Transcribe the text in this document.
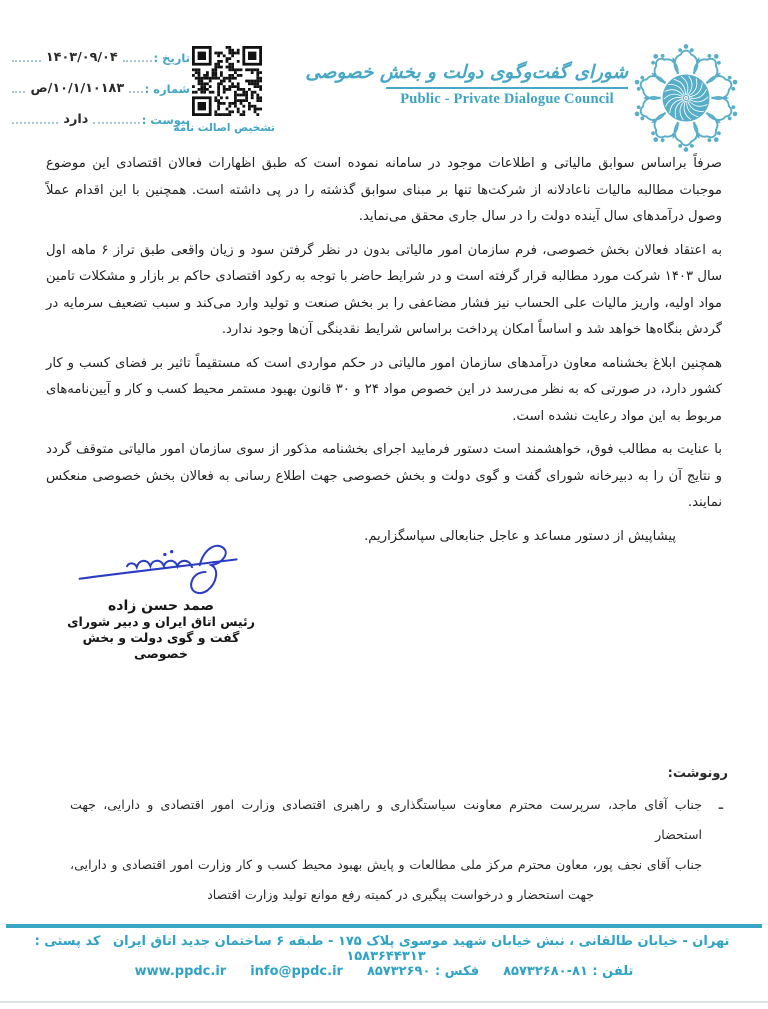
تاریخ :
۱۴۰۳/۰۹/۰۴
شماره :
۱۰/۱/۱۰۱۸۳/ص
پیوست :
دارد
تشخیص اصالت نامه
شورای گفت‌وگوی دولت و بخش خصوصی
Public - Private Dialogue Council

صرفاً براساس سوابق مالیاتی و اطلاعات موجود در سامانه نموده است که طبق اظهارات فعالان اقتصادی این موضوع موجبات مطالبه مالیات ناعادلانه از شرکت‌ها تنها بر مبنای سوابق گذشته را در پی داشته است. همچنین با این اقدام عملاً وصول درآمدهای سال آینده دولت را در سال جاری محقق می‌نماید.

به اعتقاد فعالان بخش خصوصی، فرم سازمان امور مالیاتی بدون در نظر گرفتن سود و زیان واقعی طبق تراز ۶ ماهه اول سال ۱۴۰۳ شرکت مورد مطالبه قرار گرفته است و در شرایط حاضر با توجه به رکود اقتصادی حاکم بر بازار و مشکلات تامین مواد اولیه، واریز مالیات علی الحساب نیز فشار مضاعفی را بر بخش صنعت و تولید وارد می‌کند و سبب تضعیف سرمایه در گردش بنگاه‌ها خواهد شد و اساساً امکان پرداخت براساس شرایط نقدینگی آن‌ها وجود ندارد.

همچنین ابلاغ بخشنامه معاون درآمدهای سازمان امور مالیاتی در حکم مواردی است که مستقیماً تاثیر بر فضای کسب و کار کشور دارد، در صورتی که به نظر می‌رسد در این خصوص مواد ۲۴ و ۳۰ قانون بهبود مستمر محیط کسب و کار و آیین‌نامه‌های مربوط به این مواد رعایت نشده است.

با عنایت به مطالب فوق، خواهشمند است دستور فرمایید اجرای بخشنامه مذکور از سوی سازمان امور مالیاتی متوقف گردد و نتایج آن را به دبیرخانه شورای گفت و گوی دولت و بخش خصوصی جهت اطلاع رسانی به فعالان بخش خصوصی منعکس نمایند.

پیشاپیش از دستور مساعد و عاجل جنابعالی سپاسگزاریم.

صمد حسن زاده
رئیس اتاق ایران و دبیر شورای
گفت و گوی دولت و بخش خصوصی
رونوشت:
ـ جناب آقای ماجد، سرپرست محترم معاونت سیاستگذاری و راهبری اقتصادی وزارت امور اقتصادی و دارایی، جهت استحضار
ـ جناب آقای نجف پور، معاون محترم مرکز ملی مطالعات و پایش بهبود محیط کسب و کار وزارت امور اقتصادی و دارایی، جهت استحضار و درخواست پیگیری در کمیته رفع موانع تولید وزارت اقتصاد
تهران - خیابان طالقانی ، نبش خیابان شهید موسوی پلاک ۱۷۵ - طبقه ۶ ساختمان جدید اتاق ایران کد پستی : ۱۵۸۳۶۴۴۳۱۳
تلفن : ۸۱-۸۵۷۳۲۶۸۰
فکس : ۸۵۷۳۲۶۹۰
info@ppdc.ir
www.ppdc.ir
